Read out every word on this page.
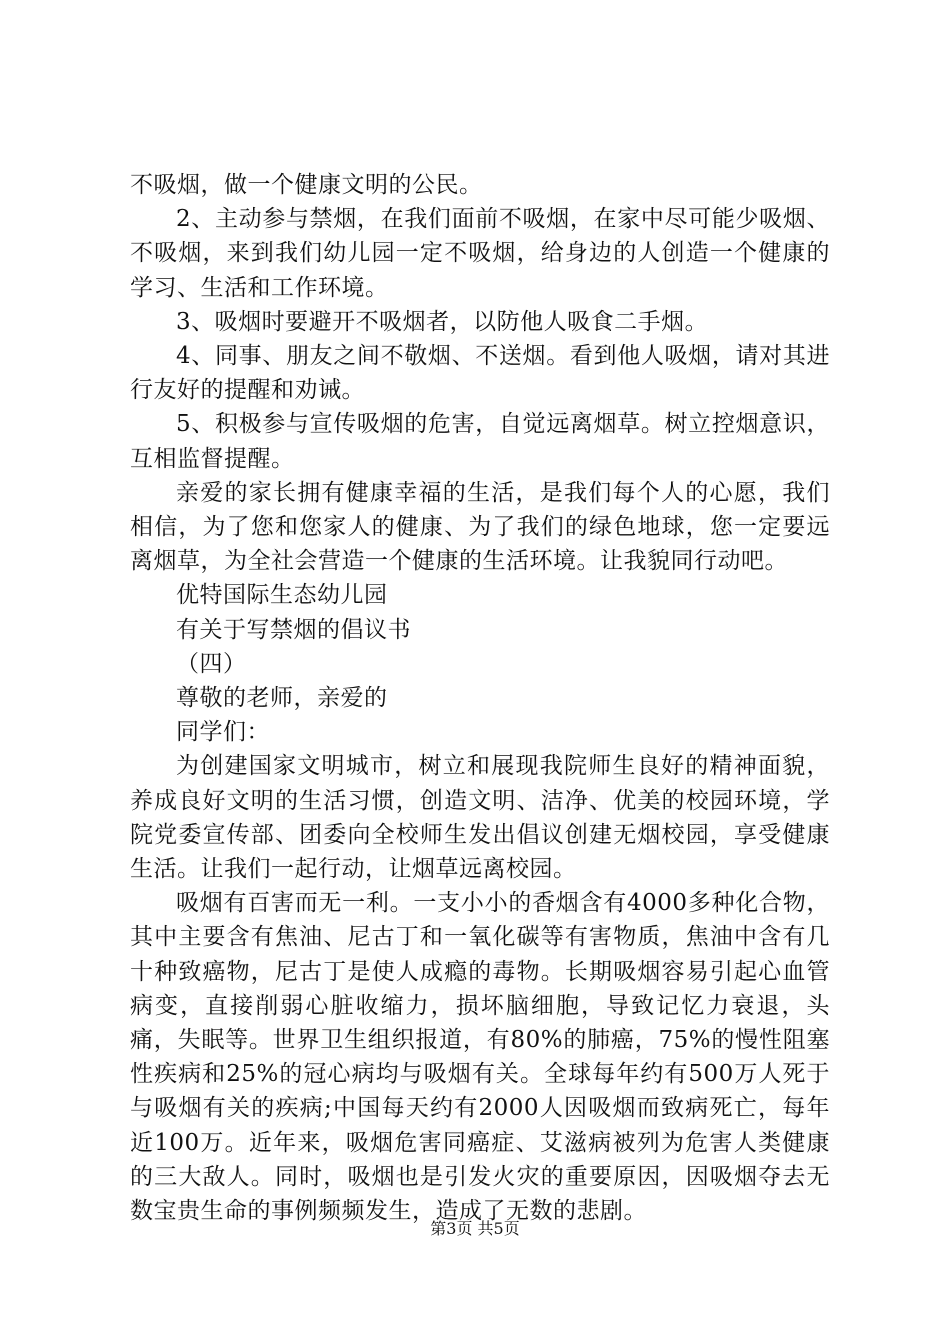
不吸烟，做一个健康文明的公民。

2、主动参与禁烟，在我们面前不吸烟，在家中尽可能少吸烟、不吸烟，来到我们幼儿园一定不吸烟，给身边的人创造一个健康的学习、生活和工作环境。

3、吸烟时要避开不吸烟者，以防他人吸食二手烟。

4、同事、朋友之间不敬烟、不送烟。看到他人吸烟，请对其进行友好的提醒和劝诫。

5、积极参与宣传吸烟的危害，自觉远离烟草。树立控烟意识，互相监督提醒。

亲爱的家长拥有健康幸福的生活，是我们每个人的心愿，我们相信，为了您和您家人的健康、为了我们的绿色地球，您一定要远离烟草，为全社会营造一个健康的生活环境。让我貌同行动吧。

优特国际生态幼儿园

有关于写禁烟的倡议书

（四）

尊敬的老师，亲爱的

同学们：

为创建国家文明城市，树立和展现我院师生良好的精神面貌，养成良好文明的生活习惯，创造文明、洁净、优美的校园环境，学院党委宣传部、团委向全校师生发出倡议创建无烟校园，享受健康生活。让我们一起行动，让烟草远离校园。

吸烟有百害而无一利。一支小小的香烟含有4000多种化合物，其中主要含有焦油、尼古丁和一氧化碳等有害物质，焦油中含有几十种致癌物，尼古丁是使人成瘾的毒物。长期吸烟容易引起心血管病变，直接削弱心脏收缩力，损坏脑细胞，导致记忆力衰退，头痛，失眠等。世界卫生组织报道，有80%的肺癌，75%的慢性阻塞性疾病和25%的冠心病均与吸烟有关。全球每年约有500万人死于与吸烟有关的疾病;中国每天约有2000人因吸烟而致病死亡，每年近100万。近年来，吸烟危害同癌症、艾滋病被列为危害人类健康的三大敌人。同时，吸烟也是引发火灾的重要原因，因吸烟夺去无数宝贵生命的事例频频发生，造成了无数的悲剧。

第3页 共5页
